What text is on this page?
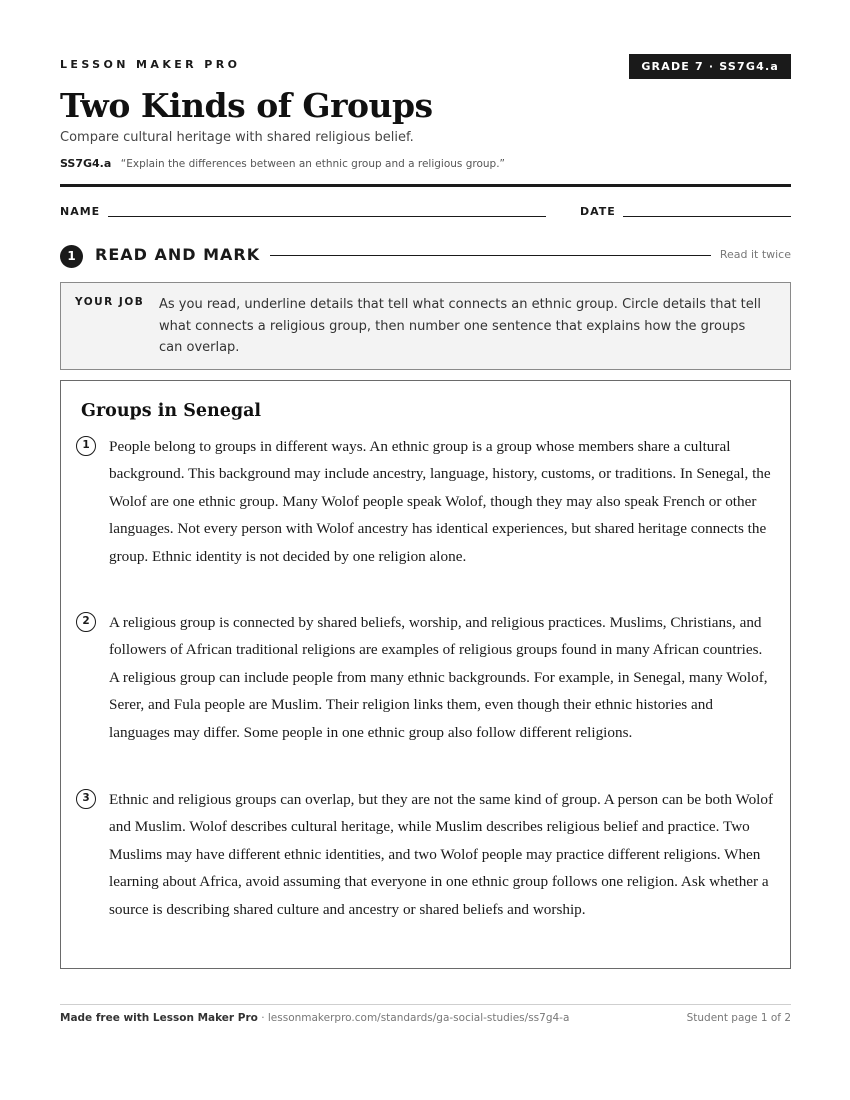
LESSON MAKER PRO	GRADE 7 · SS7G4.a
Two Kinds of Groups
Compare cultural heritage with shared religious belief.
SS7G4.a “Explain the differences between an ethnic group and a religious group.”
NAME	DATE
1	READ AND MARK	Read it twice
YOUR JOB As you read, underline details that tell what connects an ethnic group. Circle details that tell what connects a religious group, then number one sentence that explains how the groups can overlap.
Groups in Senegal
1	People belong to groups in different ways. An ethnic group is a group whose members share a cultural background. This background may include ancestry, language, history, customs, or traditions. In Senegal, the Wolof are one ethnic group. Many Wolof people speak Wolof, though they may also speak French or other languages. Not every person with Wolof ancestry has identical experiences, but shared heritage connects the group. Ethnic identity is not decided by one religion alone.
2	A religious group is connected by shared beliefs, worship, and religious practices. Muslims, Christians, and followers of African traditional religions are examples of religious groups found in many African countries. A religious group can include people from many ethnic backgrounds. For example, in Senegal, many Wolof, Serer, and Fula people are Muslim. Their religion links them, even though their ethnic histories and languages may differ. Some people in one ethnic group also follow different religions.
3	Ethnic and religious groups can overlap, but they are not the same kind of group. A person can be both Wolof and Muslim. Wolof describes cultural heritage, while Muslim describes religious belief and practice. Two Muslims may have different ethnic identities, and two Wolof people may practice different religions. When learning about Africa, avoid assuming that everyone in one ethnic group follows one religion. Ask whether a source is describing shared culture and ancestry or shared beliefs and worship.
Made free with Lesson Maker Pro · lessonmakerpro.com/standards/ga-social-studies/ss7g4-a	Student page 1 of 2
